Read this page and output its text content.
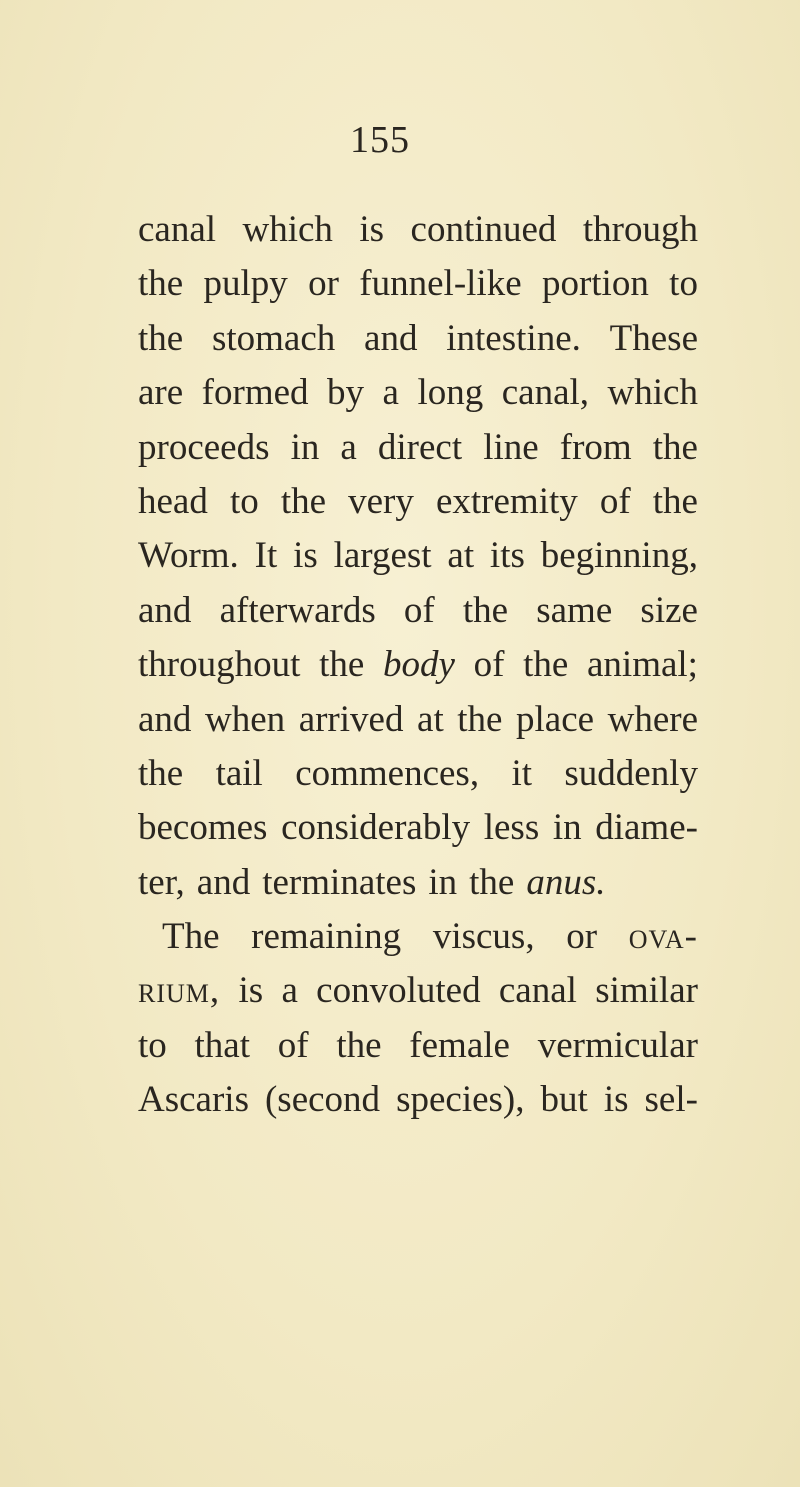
155
canal which is continued through
the pulpy or funnel-like portion to
the stomach and intestine. These
are formed by a long canal, which
proceeds in a direct line from the
head to the very extremity of the
Worm. It is largest at its beginning,
and afterwards of the same size
throughout the body of the animal;
and when arrived at the place where
the tail commences, it suddenly
becomes considerably less in diame-
ter, and terminates in the anus.
The remaining viscus, or ova-
rium, is a convoluted canal similar
to that of the female vermicular
Ascaris (second species), but is sel-
